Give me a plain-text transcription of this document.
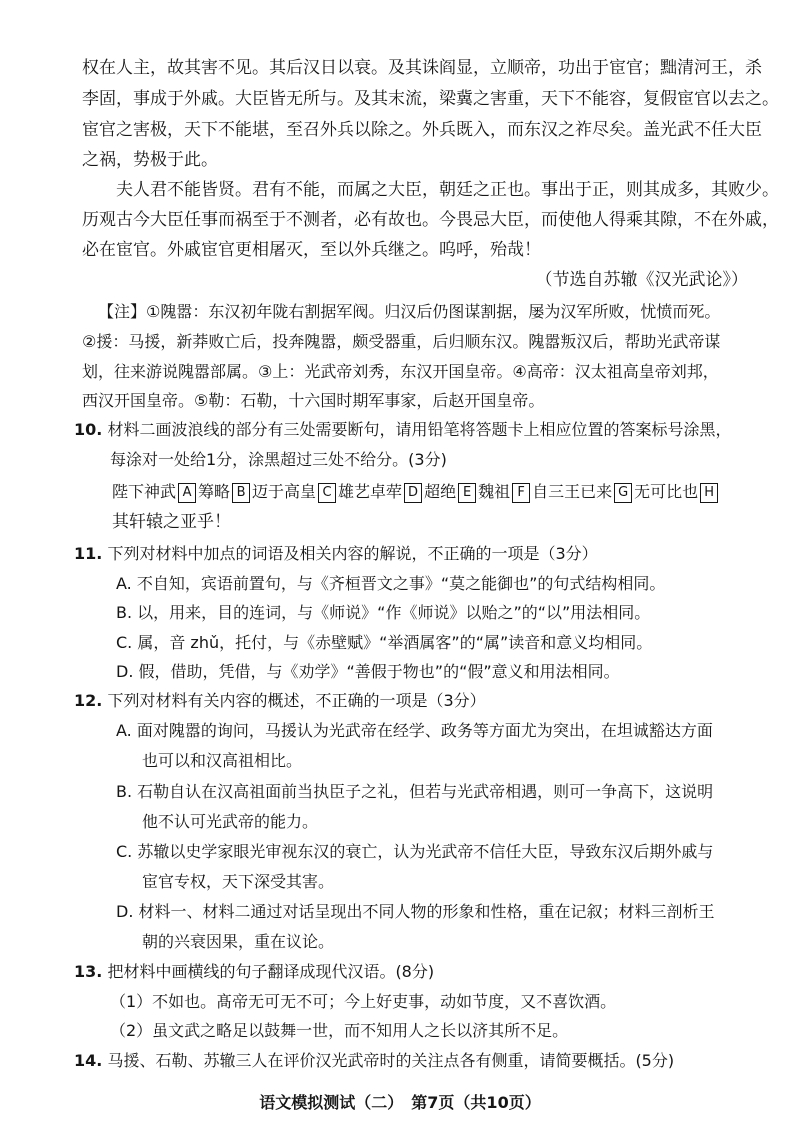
权在人主，故其害不见。其后汉日以衰。及其诛阎显，立顺帝，功出于宦官；黜清河王，杀
李固，事成于外戚。大臣皆无所与。及其末流，梁冀之害重，天下不能容，复假宦官以去之。
宦官之害极，天下不能堪，至召外兵以除之。外兵既入，而东汉之祚尽矣。盖光武不任大臣
之祸，势极于此。
夫人君不能皆贤。君有不能，而属之大臣，朝廷之正也。事出于正，则其成多，其败少。
历观古今大臣任事而祸至于不测者，必有故也。今畏忌大臣，而使他人得乘其隙，不在外戚，
必在宦官。外戚宦官更相屠灭，至以外兵继之。呜呼，殆哉！
（节选自苏辙《汉光武论》）
【注】①隗嚣：东汉初年陇右割据军阀。归汉后仍图谋割据，屡为汉军所败，忧愤而死。
②援：马援，新莽败亡后，投奔隗嚣，颇受器重，后归顺东汉。隗嚣叛汉后，帮助光武帝谋
划，往来游说隗嚣部属。③上：光武帝刘秀，东汉开国皇帝。④高帝：汉太祖高皇帝刘邦，
西汉开国皇帝。⑤勒：石勒，十六国时期军事家，后赵开国皇帝。
10. 材料二画波浪线的部分有三处需要断句，请用铅笔将答题卡上相应位置的答案标号涂黑，
每涂对一处给1分，涂黑超过三处不给分。(3分)
陛下神武 A 筹略 B 迈于高皇 C 雄艺卓荦 D 超绝 E 魏祖 F 自三王已来 G 无可比也 H
其轩辕之亚乎！
11. 下列对材料中加点的词语及相关内容的解说，不正确的一项是（3分）
A. 不自知，宾语前置句，与《齐桓晋文之事》“莫之能御也”的句式结构相同。
B. 以，用来，目的连词，与《师说》“作《师说》以贻之”的“以”用法相同。
C. 属，音 zhǔ，托付，与《赤壁赋》“举酒属客”的“属”读音和意义均相同。
D. 假，借助，凭借，与《劝学》“善假于物也”的“假”意义和用法相同。
12. 下列对材料有关内容的概述，不正确的一项是（3分）
A. 面对隗嚣的询问，马援认为光武帝在经学、政务等方面尤为突出，在坦诚豁达方面
也可以和汉高祖相比。
B. 石勒自认在汉高祖面前当执臣子之礼，但若与光武帝相遇，则可一争高下，这说明
他不认可光武帝的能力。
C. 苏辙以史学家眼光审视东汉的衰亡，认为光武帝不信任大臣，导致东汉后期外戚与
宦官专权，天下深受其害。
D. 材料一、材料二通过对话呈现出不同人物的形象和性格，重在记叙；材料三剖析王
朝的兴衰因果，重在议论。
13. 把材料中画横线的句子翻译成现代汉语。(8分)
（1）不如也。髙帝无可无不可；今上好吏事，动如节度，又不喜饮酒。
（2）虽文武之略足以鼓舞一世，而不知用人之长以济其所不足。
14. 马援、石勒、苏辙三人在评价汉光武帝时的关注点各有侧重，请简要概括。(5分)
语文模拟测试（二）　第7页（共10页）
